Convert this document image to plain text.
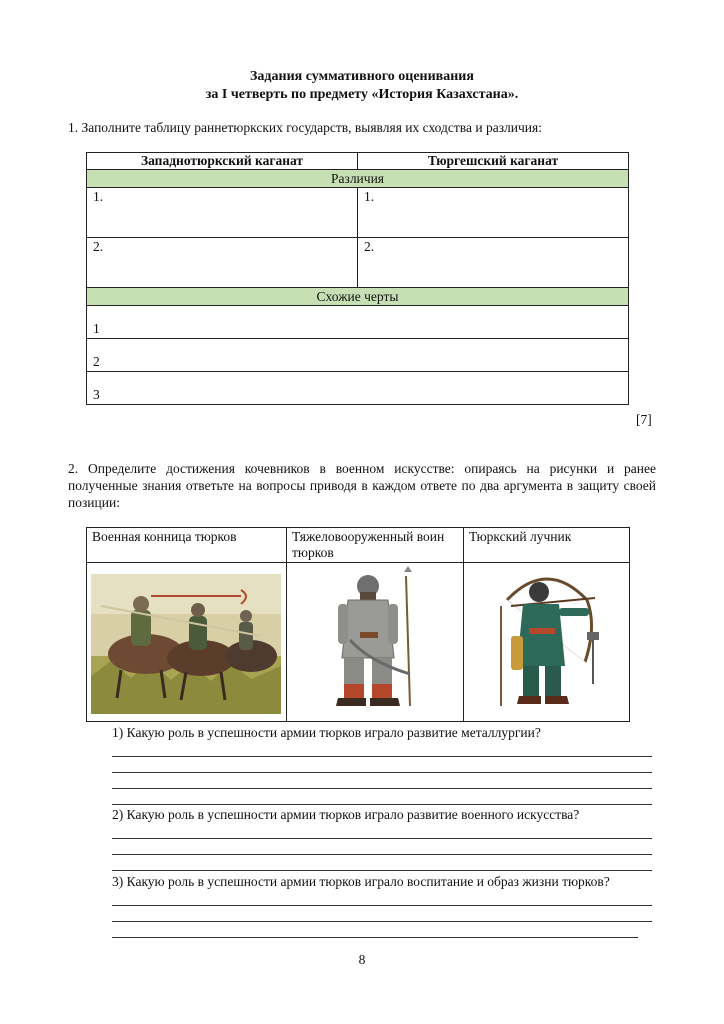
Задания суммативного оценивания
за I четверть по предмету «История Казахстана».
1. Заполните таблицу раннетюркских государств, выявляя их сходства и различия:
Западнотюркский каганат	Тюргешский каганат
Различия	
1.	1.
2.	2.
Схожие черты	
1	
2	
3	
[7]
2. Определите достижения кочевников в военном искусстве: опираясь на рисунки и ранее полученные знания ответьте на вопросы приводя в каждом ответе по два аргумента в защиту своей позиции:
Военная конница тюрков	Тяжеловооруженный воин тюрков	Тюркский лучник

1) Какую роль в успешности армии тюрков играло развитие металлургии?
2) Какую роль в успешности армии тюрков играло развитие военного искусства?
3) Какую роль в успешности армии тюрков играло воспитание и образ жизни тюрков?
8
